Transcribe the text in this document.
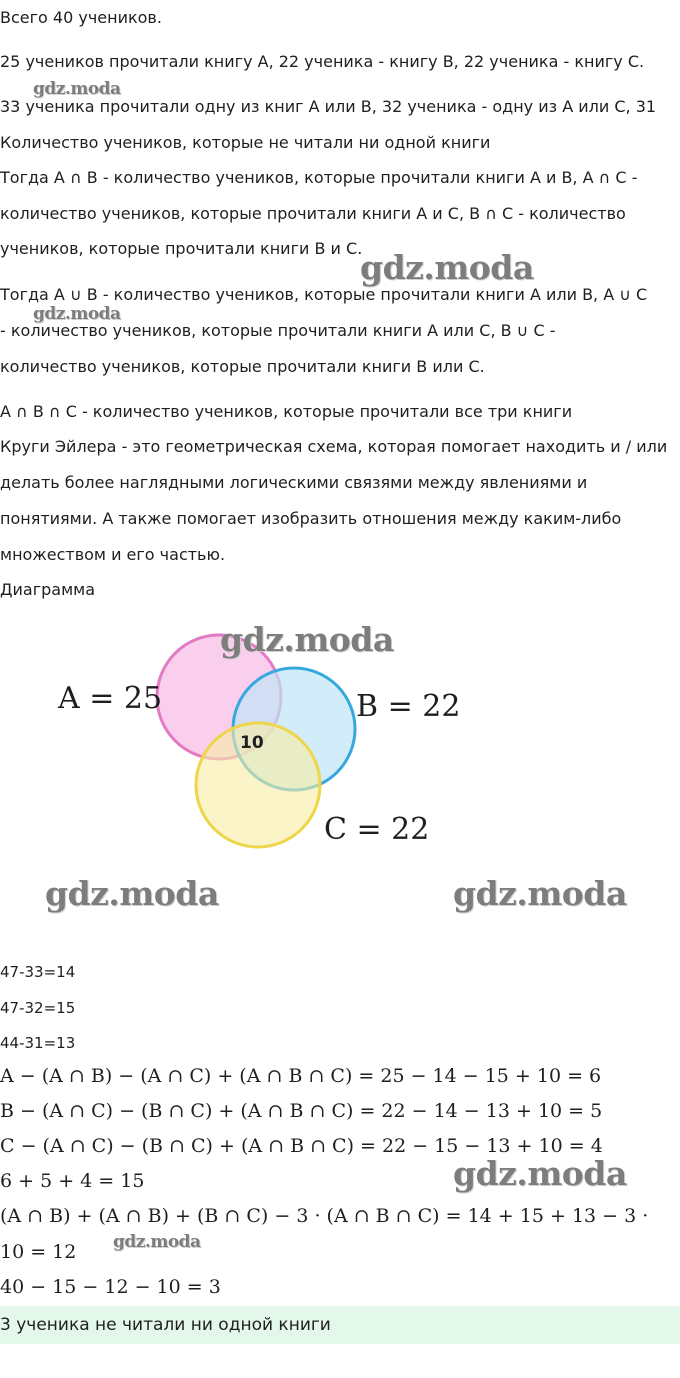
Всего 40 учеников.
25 учеников прочитали книгу A, 22 ученика - книгу B, 22 ученика - книгу C.
33 ученика прочитали одну из книг A или B, 32 ученика - одну из A или C, 31
Количество учеников, которые не читали ни одной книги
Тогда A ∩ B - количество учеников, которые прочитали книги A и B, A ∩ C -
количество учеников, которые прочитали книги A и C, B ∩ C - количество
учеников, которые прочитали книги B и C.
Тогда A ∪ B - количество учеников, которые прочитали книги A или B, A ∪ C
- количество учеников, которые прочитали книги A или C, B ∪ C -
количество учеников, которые прочитали книги B или C.
A ∩ B ∩ C - количество учеников, которые прочитали все три книги
Круги Эйлера - это геометрическая схема, которая помогает находить и / или
делать более наглядными логическими связями между явлениями и
понятиями. А также помогает изобразить отношения между каким-либо
множеством и его частью.
Диаграмма
A = 25	B = 22
C = 22
10
47-33=14
47-32=15
44-31=13
A − (A ∩ B) − (A ∩ C) + (A ∩ B ∩ C) = 25 − 14 − 15 + 10 = 6
B − (A ∩ C) − (B ∩ C) + (A ∩ B ∩ C) = 22 − 14 − 13 + 10 = 5
C − (A ∩ C) − (B ∩ C) + (A ∩ B ∩ C) = 22 − 15 − 13 + 10 = 4
6 + 5 + 4 = 15
(A ∩ B) + (A ∩ B) + (B ∩ C) − 3 · (A ∩ B ∩ C) = 14 + 15 + 13 − 3 ·
10 = 12
40 − 15 − 12 − 10 = 3
3 ученика не читали ни одной книги
gdz.moda
gdz.moda
gdz.moda
gdz.moda
gdz.moda	gdz.moda
gdz.moda
gdz.moda
